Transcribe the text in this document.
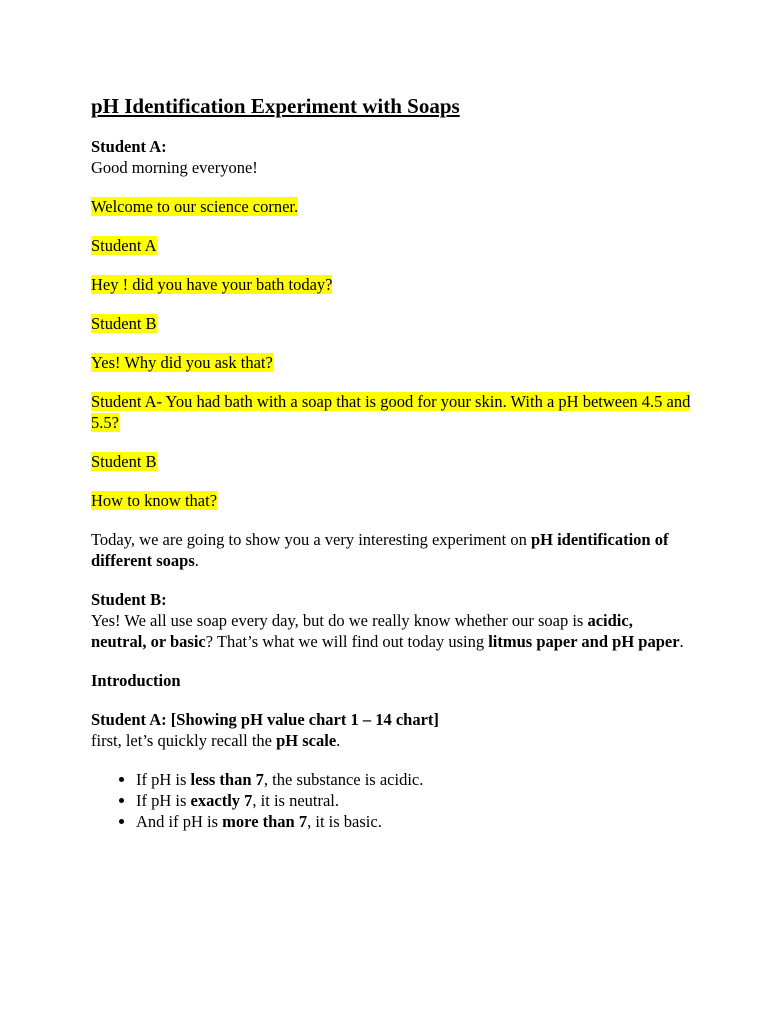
pH Identification Experiment with Soaps

Student A:
Good morning everyone!

Welcome to our science corner.

Student A

Hey ! did you have your bath today?

Student B

Yes! Why did you ask that?

Student A- You had bath with a soap that is good for your skin. With a pH between 4.5 and 5.5?

Student B

How to know that?

Today, we are going to show you a very interesting experiment on pH identification of different soaps.

Student B:
Yes! We all use soap every day, but do we really know whether our soap is acidic, neutral, or basic? That’s what we will find out today using litmus paper and pH paper.

Introduction

Student A: [Showing pH value chart 1 – 14 chart]
first, let’s quickly recall the pH scale.

• If pH is less than 7, the substance is acidic.
• If pH is exactly 7, it is neutral.
• And if pH is more than 7, it is basic.
